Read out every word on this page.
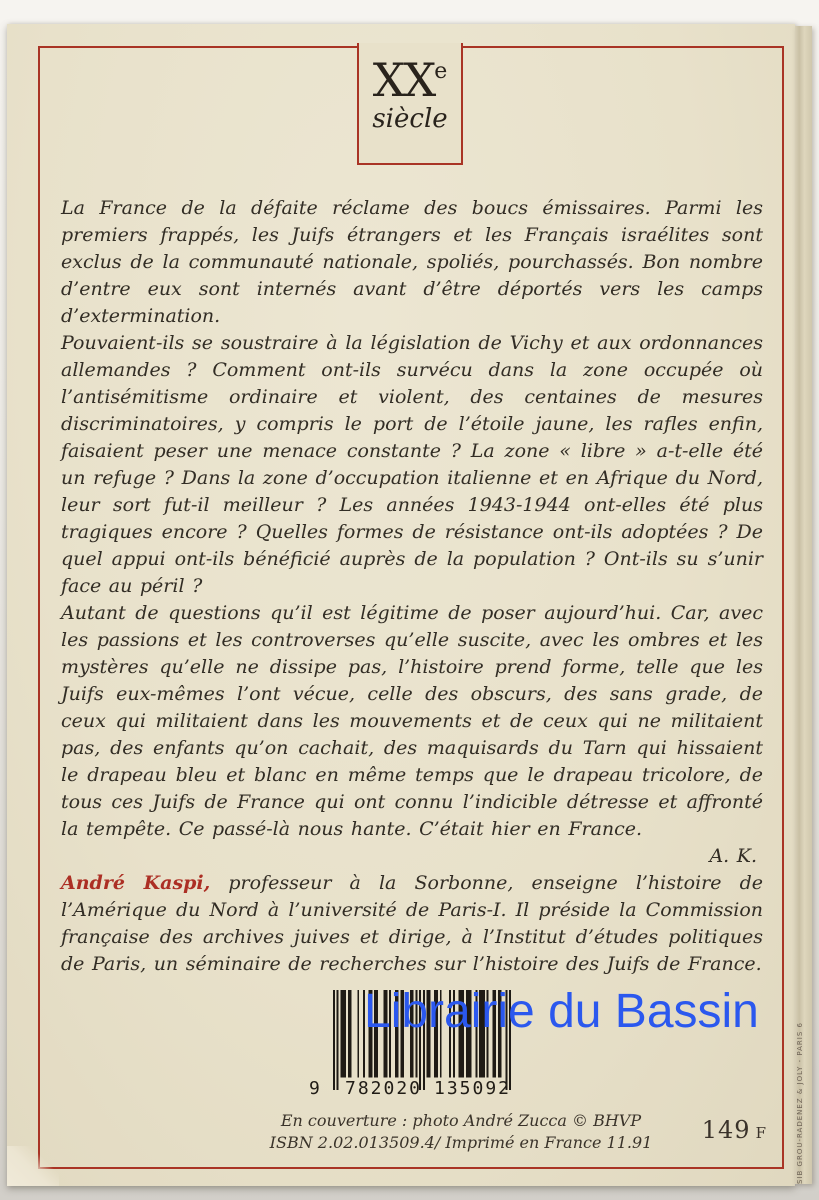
XXe
siècle

La France de la défaite réclame des boucs émissaires. Parmi les premiers frappés, les Juifs étrangers et les Français israélites sont exclus de la communauté nationale, spoliés, pourchassés. Bon nombre d’entre eux sont internés avant d’être déportés vers les camps d’extermination.

Pouvaient-ils se soustraire à la législation de Vichy et aux ordonnances allemandes ? Comment ont-ils survécu dans la zone occupée où l’antisémitisme ordinaire et violent, des centaines de mesures discriminatoires, y compris le port de l’étoile jaune, les rafles enfin, faisaient peser une menace constante ? La zone « libre » a-t-elle été un refuge ? Dans la zone d’occupation italienne et en Afrique du Nord, leur sort fut-il meilleur ? Les années 1943-1944 ont-elles été plus tragiques encore ? Quelles formes de résistance ont-ils adoptées ? De quel appui ont-ils bénéficié auprès de la population ? Ont-ils su s’unir face au péril ?

Autant de questions qu’il est légitime de poser aujourd’hui. Car, avec les passions et les controverses qu’elle suscite, avec les ombres et les mystères qu’elle ne dissipe pas, l’histoire prend forme, telle que les Juifs eux-mêmes l’ont vécue, celle des obscurs, des sans grade, de ceux qui militaient dans les mouvements et de ceux qui ne militaient pas, des enfants qu’on cachait, des maquisards du Tarn qui hissaient le drapeau bleu et blanc en même temps que le drapeau tricolore, de tous ces Juifs de France qui ont connu l’indicible détresse et affronté la tempête. Ce passé-là nous hante. C’était hier en France.

A. K.

André Kaspi, professeur à la Sorbonne, enseigne l’histoire de l’Amérique du Nord à l’université de Paris-I. Il préside la Commission française des archives juives et dirige, à l’Institut d’études politiques de Paris, un séminaire de recherches sur l’histoire des Juifs de France.

9	782020 135092
Librairie du Bassin
En couverture : photo André Zucca © BHVP
ISBN 2.02.013509.4/ Imprimé en France 11.91	149 F	SIB GROU-RADENEZ & JOLY - PARIS 6
